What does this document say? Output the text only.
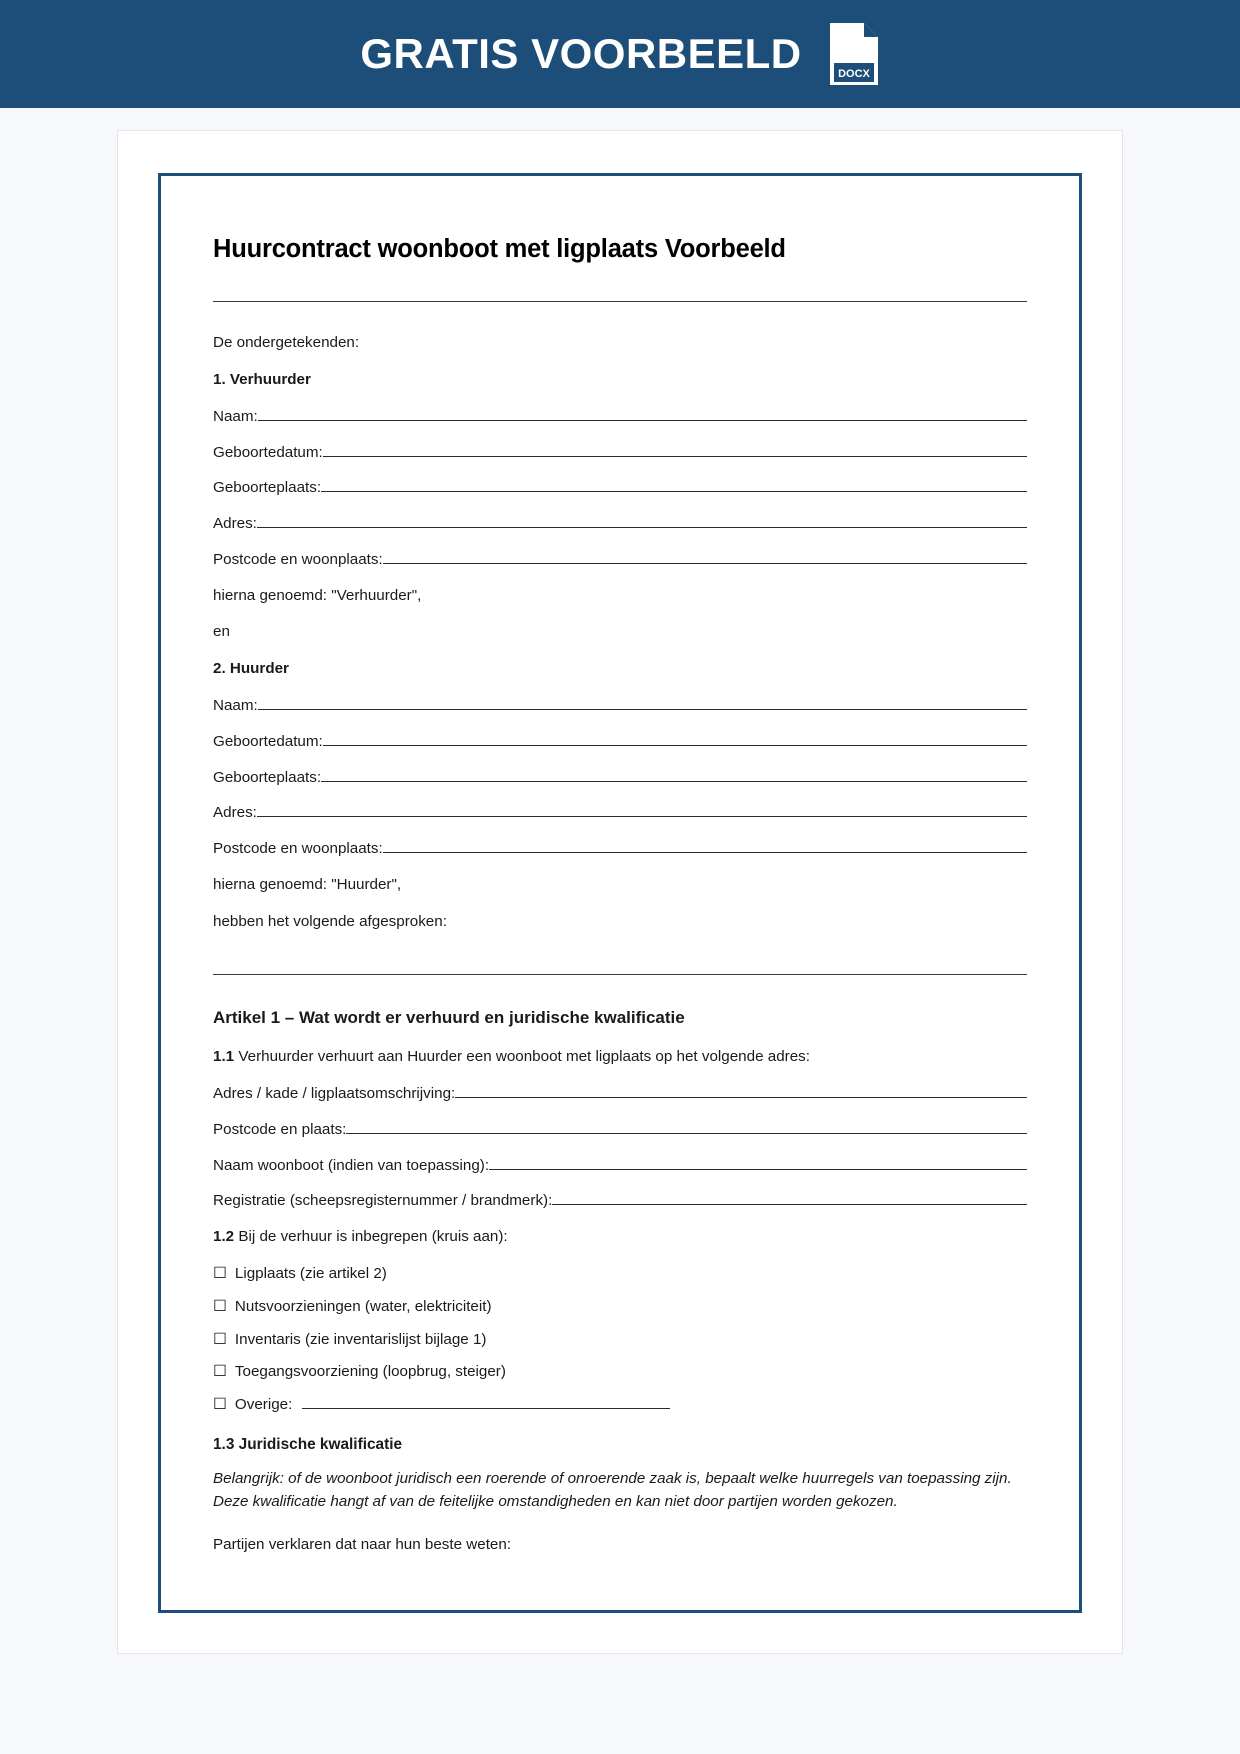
GRATIS VOORBEELD	DOCX
Huurcontract woonboot met ligplaats Voorbeeld

De ondergetekenden:

1. Verhuurder

Naam:
Geboortedatum:
Geboorteplaats:
Adres:
Postcode en woonplaats:

hierna genoemd: "Verhuurder",

en

2. Huurder

Naam:
Geboortedatum:
Geboorteplaats:
Adres:
Postcode en woonplaats:

hierna genoemd: "Huurder",

hebben het volgende afgesproken:

Artikel 1 – Wat wordt er verhuurd en juridische kwalificatie

1.1 Verhuurder verhuurt aan Huurder een woonboot met ligplaats op het volgende adres:

Adres / kade / ligplaatsomschrijving:
Postcode en plaats:
Naam woonboot (indien van toepassing):
Registratie (scheepsregisternummer / brandmerk):

1.2 Bij de verhuur is inbegrepen (kruis aan):

☐ Ligplaats (zie artikel 2)
☐ Nutsvoorzieningen (water, elektriciteit)
☐ Inventaris (zie inventarislijst bijlage 1)
☐ Toegangsvoorziening (loopbrug, steiger)
☐ Overige:

1.3 Juridische kwalificatie

Belangrijk: of de woonboot juridisch een roerende of onroerende zaak is, bepaalt welke huurregels van toepassing zijn. Deze kwalificatie hangt af van de feitelijke omstandigheden en kan niet door partijen worden gekozen.

Partijen verklaren dat naar hun beste weten:
